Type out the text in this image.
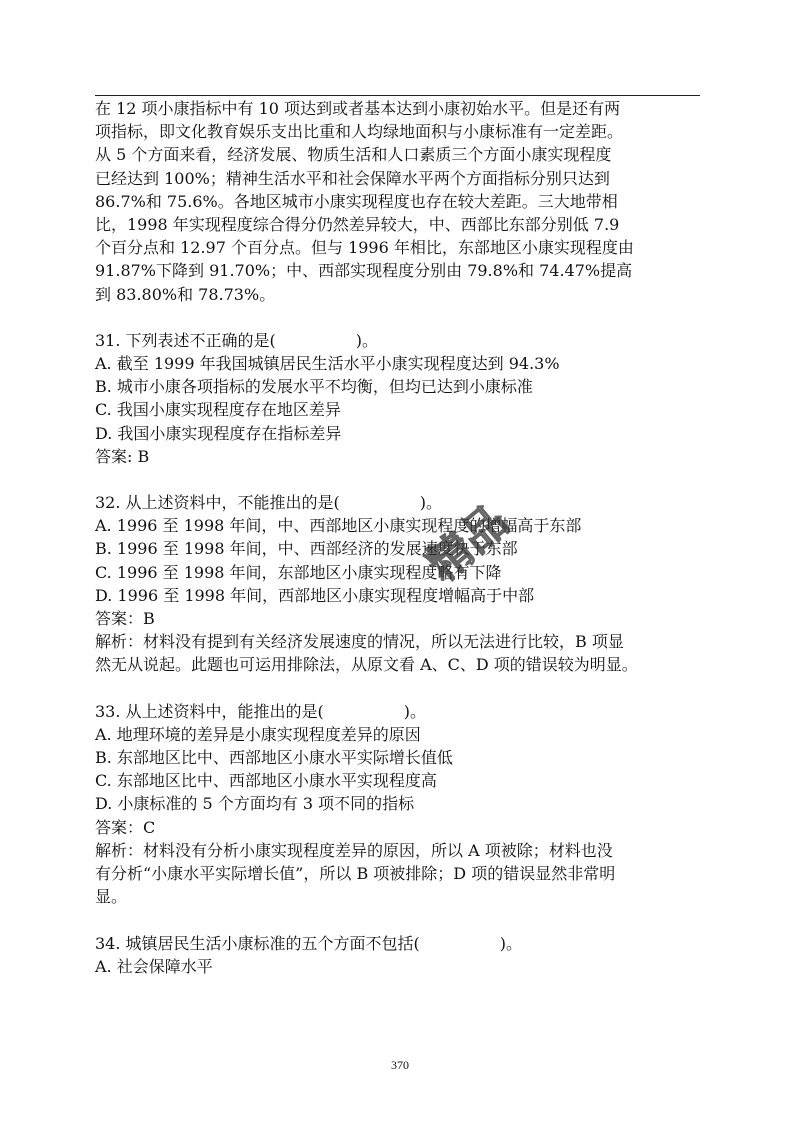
在 12 项小康指标中有 10 项达到或者基本达到小康初始水平。但是还有两

项指标，即文化教育娱乐支出比重和人均绿地面积与小康标准有一定差距。

从 5 个方面来看，经济发展、物质生活和人口素质三个方面小康实现程度

已经达到 100%；精神生活水平和社会保障水平两个方面指标分别只达到

86.7%和 75.6%。各地区城市小康实现程度也存在较大差距。三大地带相

比，1998 年实现程度综合得分仍然差异较大，中、西部比东部分别低 7.9

个百分点和 12.97 个百分点。但与 1996 年相比，东部地区小康实现程度由

91.87%下降到 91.70%；中、西部实现程度分别由 79.8%和 74.47%提高

到 83.80%和 78.73%。

31. 下列表述不正确的是(　　　　　)。

A. 截至 1999 年我国城镇居民生活水平小康实现程度达到 94.3%

B. 城市小康各项指标的发展水平不均衡，但均已达到小康标准

C. 我国小康实现程度存在地区差异

D. 我国小康实现程度存在指标差异

答案: B

32. 从上述资料中，不能推出的是(　　　　　)。

A. 1996 至 1998 年间，中、西部地区小康实现程度的增幅高于东部

B. 1996 至 1998 年间，中、西部经济的发展速度快于东部

C. 1996 至 1998 年间，东部地区小康实现程度略有下降

D. 1996 至 1998 年间，西部地区小康实现程度增幅高于中部

答案：B

解析：材料没有提到有关经济发展速度的情况，所以无法进行比较，B 项显

然无从说起。此题也可运用排除法，从原文看 A、C、D 项的错误较为明显。

33. 从上述资料中，能推出的是(　　　　　)。

A. 地理环境的差异是小康实现程度差异的原因

B. 东部地区比中、西部地区小康水平实际增长值低

C. 东部地区比中、西部地区小康水平实现程度高

D. 小康标准的 5 个方面均有 3 项不同的指标

答案：C

解析：材料没有分析小康实现程度差异的原因，所以 A 项被除；材料也没

有分析“小康水平实际增长值”，所以 B 项被排除；D 项的错误显然非常明

显。

34. 城镇居民生活小康标准的五个方面不包括(　　　　　)。

A. 社会保障水平

精品
370
